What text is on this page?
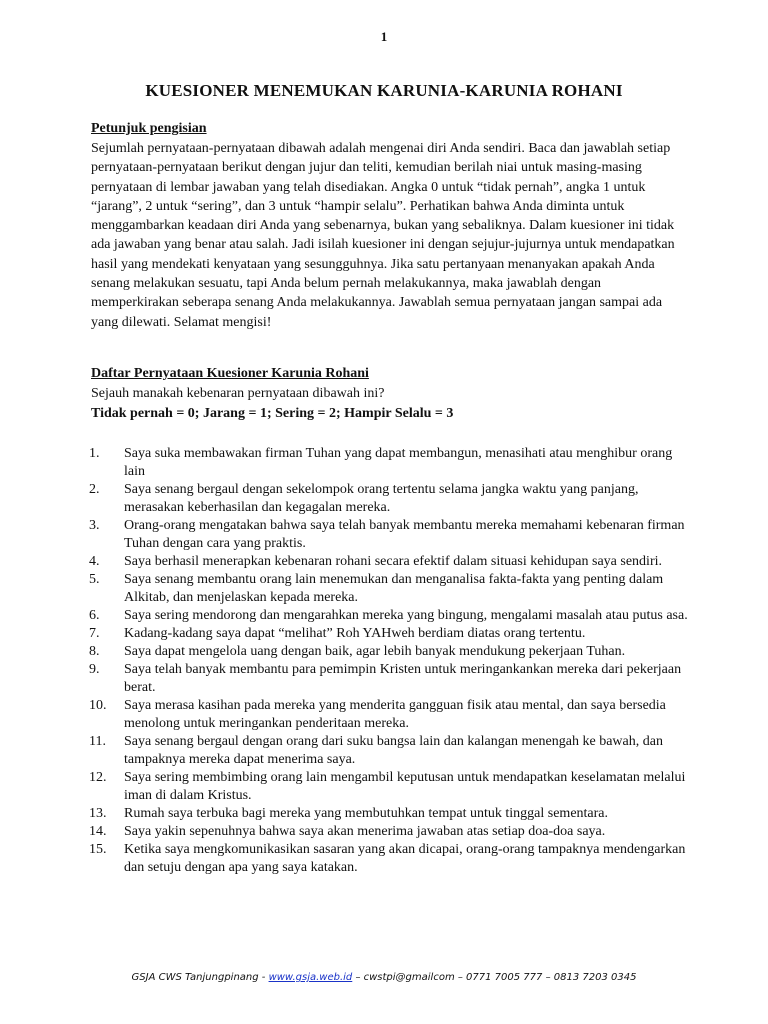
1
KUESIONER MENEMUKAN KARUNIA-KARUNIA ROHANI
Petunjuk pengisian

Sejumlah pernyataan-pernyataan dibawah adalah mengenai diri Anda sendiri. Baca dan jawablah setiap pernyataan-pernyataan berikut dengan jujur dan teliti, kemudian berilah niai untuk masing-masing pernyataan di lembar jawaban yang telah disediakan. Angka 0 untuk “tidak pernah”, angka 1 untuk “jarang”, 2 untuk “sering”, dan 3 untuk “hampir selalu”. Perhatikan bahwa Anda diminta untuk menggambarkan keadaan diri Anda yang sebenarnya, bukan yang sebaliknya. Dalam kuesioner ini tidak ada jawaban yang benar atau salah. Jadi isilah kuesioner ini dengan sejujur-jujurnya untuk mendapatkan hasil yang mendekati kenyataan yang sesungguhnya. Jika satu pertanyaan menanyakan apakah Anda senang melakukan sesuatu, tapi Anda belum pernah melakukannya, maka jawablah dengan memperkirakan seberapa senang Anda melakukannya. Jawablah semua pernyataan jangan sampai ada yang dilewati. Selamat mengisi!

Daftar Pernyataan Kuesioner Karunia Rohani
Sejauh manakah kebenaran pernyataan dibawah ini?
Tidak pernah = 0; Jarang = 1; Sering = 2; Hampir Selalu = 3
1. Saya suka membawakan firman Tuhan yang dapat membangun, menasihati atau menghibur orang lain
2. Saya senang bergaul dengan sekelompok orang tertentu selama jangka waktu yang panjang, merasakan keberhasilan dan kegagalan mereka.
3. Orang-orang mengatakan bahwa saya telah banyak membantu mereka memahami kebenaran firman Tuhan dengan cara yang praktis.
4. Saya berhasil menerapkan kebenaran rohani secara efektif dalam situasi kehidupan saya sendiri.
5. Saya senang membantu orang lain menemukan dan menganalisa fakta-fakta yang penting dalam Alkitab, dan menjelaskan kepada mereka.
6. Saya sering mendorong dan mengarahkan mereka yang bingung, mengalami masalah atau putus asa.
7. Kadang-kadang saya dapat “melihat” Roh YAHweh berdiam diatas orang tertentu.
8. Saya dapat mengelola uang dengan baik, agar lebih banyak mendukung pekerjaan Tuhan.
9. Saya telah banyak membantu para pemimpin Kristen untuk meringankankan mereka dari pekerjaan berat.
10. Saya merasa kasihan pada mereka yang menderita gangguan fisik atau mental, dan saya bersedia menolong untuk meringankan penderitaan mereka.
11. Saya senang bergaul dengan orang dari suku bangsa lain dan kalangan menengah ke bawah, dan tampaknya mereka dapat menerima saya.
12. Saya sering membimbing orang lain mengambil keputusan untuk mendapatkan keselamatan melalui iman di dalam Kristus.
13. Rumah saya terbuka bagi mereka yang membutuhkan tempat untuk tinggal sementara.
14. Saya yakin sepenuhnya bahwa saya akan menerima jawaban atas setiap doa-doa saya.
15. Ketika saya mengkomunikasikan sasaran yang akan dicapai, orang-orang tampaknya mendengarkan dan setuju dengan apa yang saya katakan.
GSJA CWS Tanjungpinang - www.gsja.web.id – cwstpi@gmailcom – 0771 7005 777 – 0813 7203 0345
